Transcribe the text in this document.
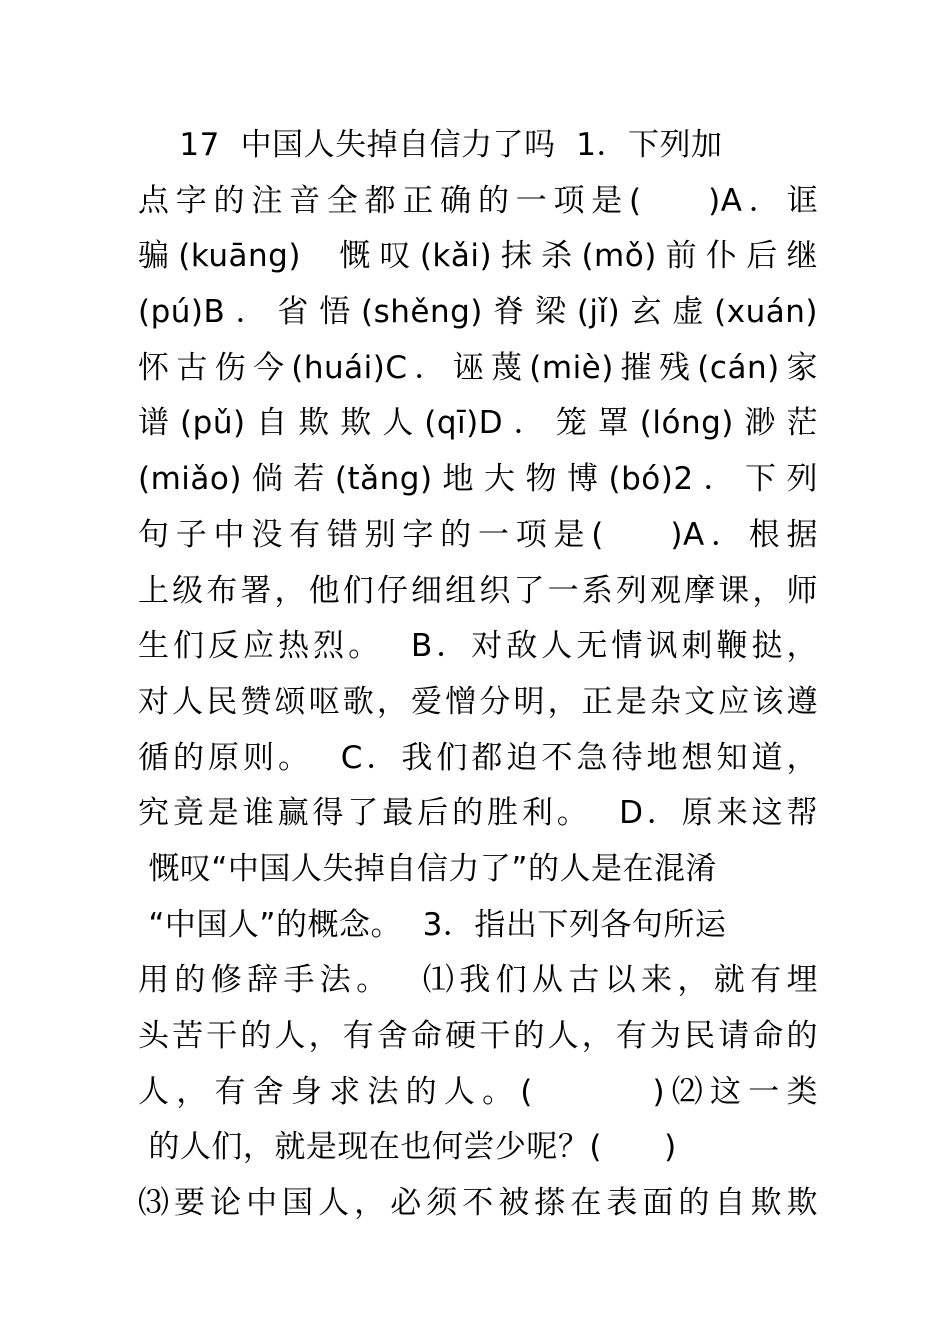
17  中国人失掉自信力了吗  1．下列加
点字的注音全都正确的一项是(    )A．诓
骗(kuāng)  慨叹(kǎi)抹杀(mǒ)前仆后继
(pú)B．省悟(shěng)脊梁(jǐ)玄虚(xuán)
怀古伤今(huái)C．诬蔑(miè)摧残(cán)家
谱(pǔ)自欺欺人(qī)D．笼罩(lóng)渺茫
(miǎo)倘若(tǎng)地大物博(bó)2．下列
句子中没有错别字的一项是(    )A．根据
上级布署，他们仔细组织了一系列观摩课，师
生们反应热烈。  B．对敌人无情讽刺鞭挞，
对人民赞颂呕歌，爱憎分明，正是杂文应该遵
循的原则。  C．我们都迫不急待地想知道，
究竟是谁赢得了最后的胜利。  D．原来这帮
慨叹“中国人失掉自信力了”的人是在混淆
“中国人”的概念。  3．指出下列各句所运
用的修辞手法。  ⑴我们从古以来，就有埋
头苦干的人，有舍命硬干的人，有为民请命的
人，有舍身求法的人。(       )⑵这一类
的人们，就是现在也何尝少呢？(      )
⑶要论中国人，必须不被搽在表面的自欺欺
